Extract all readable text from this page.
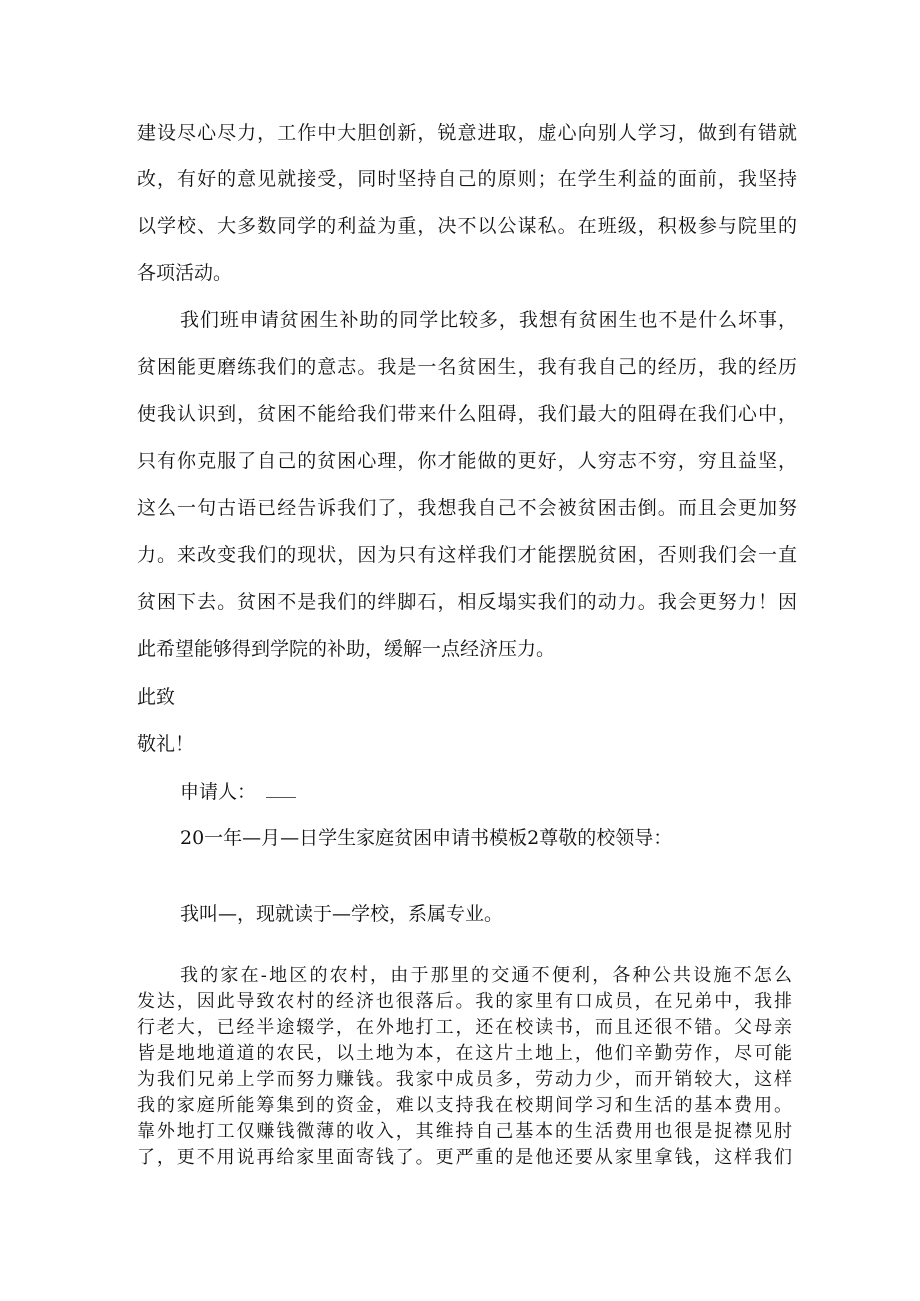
建设尽心尽力，工作中大胆创新，锐意进取，虚心向别人学习，做到有错就
改，有好的意见就接受，同时坚持自己的原则；在学生利益的面前，我坚持
以学校、大多数同学的利益为重，决不以公谋私。在班级，积极参与院里的
各项活动。
我们班申请贫困生补助的同学比较多，我想有贫困生也不是什么坏事，
贫困能更磨练我们的意志。我是一名贫困生，我有我自己的经历，我的经历
使我认识到，贫困不能给我们带来什么阻碍，我们最大的阻碍在我们心中，
只有你克服了自己的贫困心理，你才能做的更好，人穷志不穷，穷且益坚，
这么一句古语已经告诉我们了，我想我自己不会被贫困击倒。而且会更加努
力。来改变我们的现状，因为只有这样我们才能摆脱贫困，否则我们会一直
贫困下去。贫困不是我们的绊脚石，相反塌实我们的动力。我会更努力！因
此希望能够得到学院的补助，缓解一点经济压力。
此致
敬礼！
申请人：
20一年—月—日学生家庭贫困申请书模板2尊敬的校领导：
我叫—，现就读于—学校，系属专业。
我的家在-地区的农村，由于那里的交通不便利，各种公共设施不怎么
发达，因此导致农村的经济也很落后。我的家里有口成员，在兄弟中，我排
行老大，已经半途辍学，在外地打工，还在校读书，而且还很不错。父母亲
皆是地地道道的农民，以土地为本，在这片土地上，他们辛勤劳作，尽可能
为我们兄弟上学而努力赚钱。我家中成员多，劳动力少，而开销较大，这样
我的家庭所能筹集到的资金，难以支持我在校期间学习和生活的基本费用。
靠外地打工仅赚钱微薄的收入，其维持自己基本的生活费用也很是捉襟见肘
了，更不用说再给家里面寄钱了。更严重的是他还要从家里拿钱，这样我们
